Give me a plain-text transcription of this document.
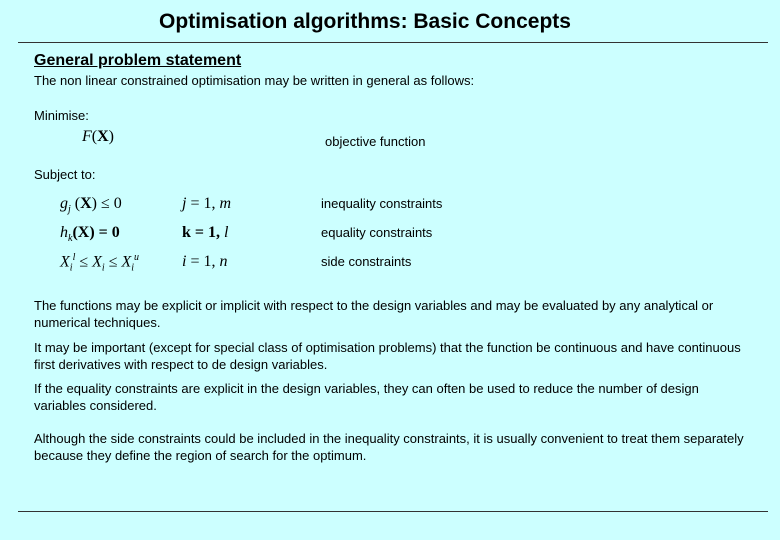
Optimisation algorithms: Basic Concepts
General problem statement
The non linear constrained optimisation may be written in general as follows:
Minimise:
F(X)	objective function
Subject to:
$g_j$ (X) ≤ 0	j = 1, m	inequality constraints
$h_k(X) = 0$	k = 1, l	equality constraints
$X_i^l \le X_i \le X_i^u$	i = 1, n	side constraints
The functions may be explicit or implicit with respect to the design variables and may be evaluated by any analytical or numerical techniques.
It may be important (except for special class of optimisation problems) that the function be continuous and have continuous first derivatives with respect to de design variables.
If the equality constraints are explicit in the design variables, they can often be used to reduce the number of design variables considered.
Although the side constraints could be included in the inequality constraints, it is usually convenient to treat them separately because they define the region of search for the optimum.
